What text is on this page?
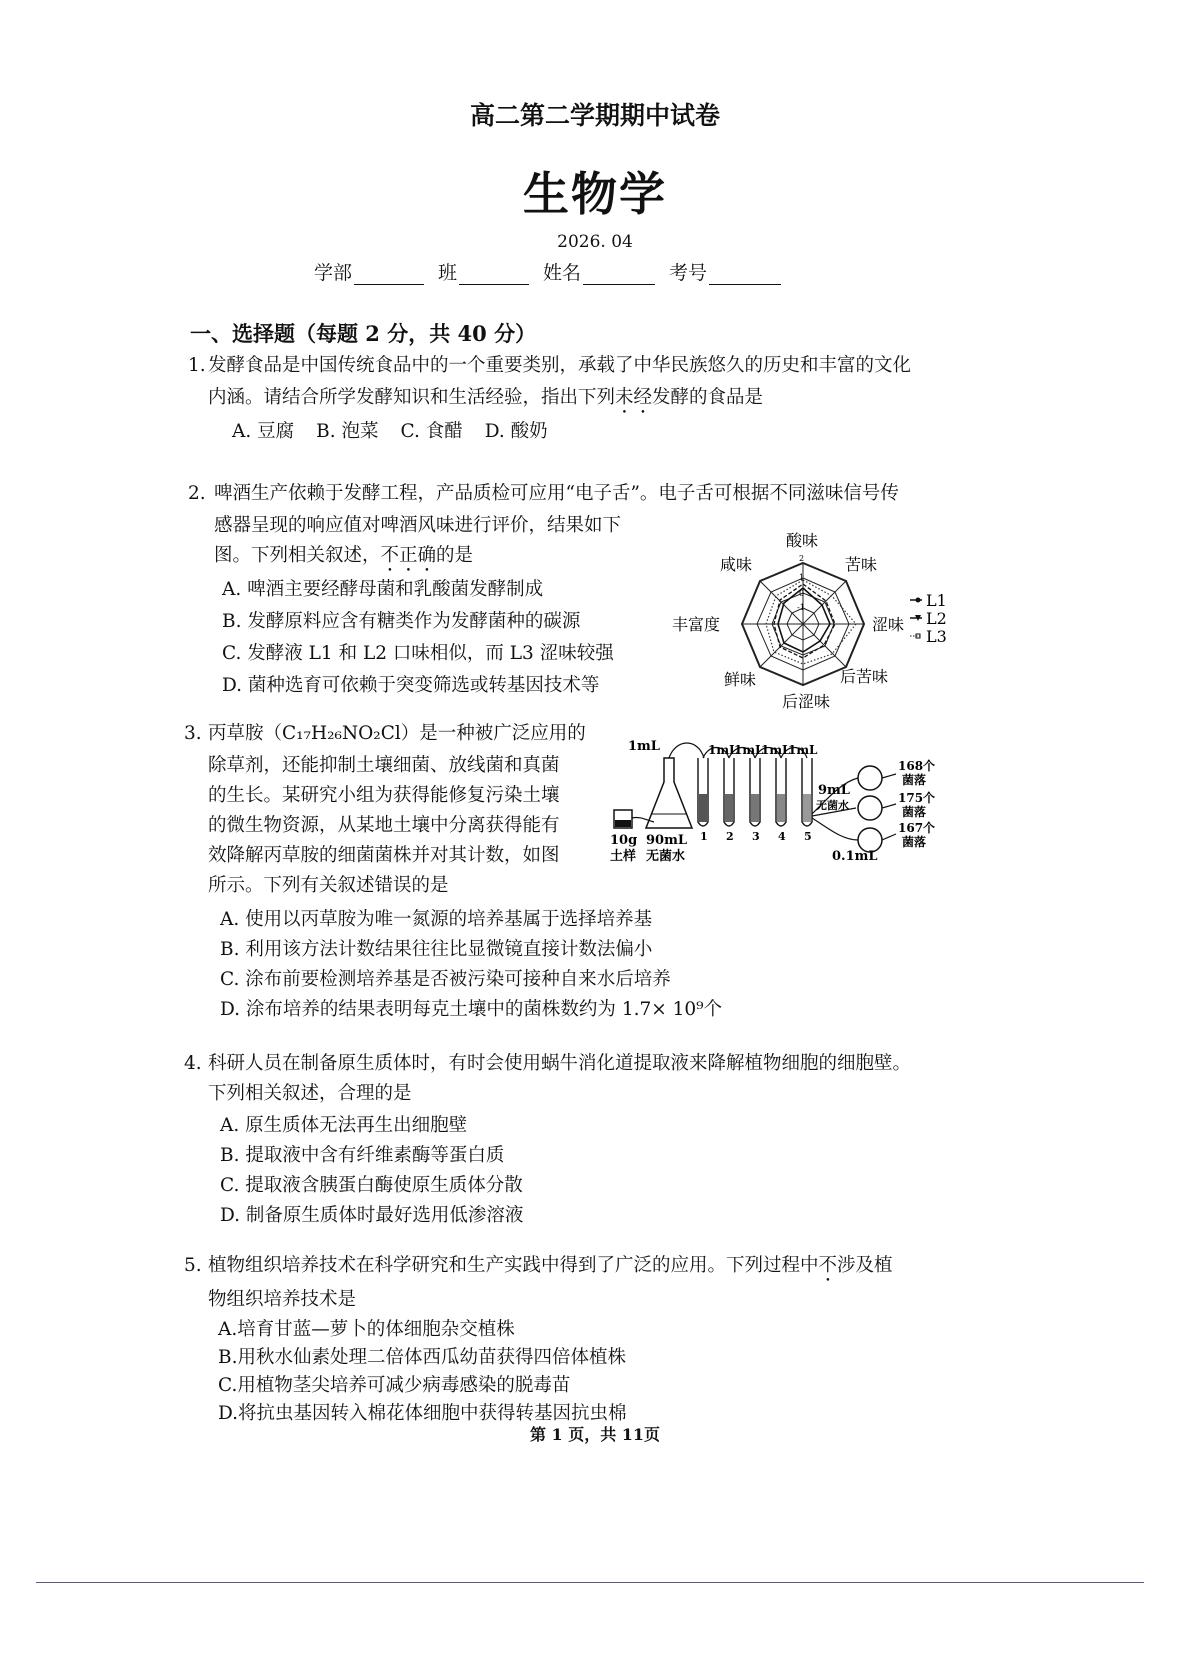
高二第二学期期中试卷
生物学
2026. 04
学部	班	姓名	考号
一、选择题（每题 2 分，共 40 分）
1. 发酵食品是中国传统食品中的一个重要类别，承载了中华民族悠久的历史和丰富的文化
内涵。请结合所学发酵知识和生活经验，指出下列未经发酵的食品是
A. 豆腐 B. 泡菜 C. 食醋 D. 酸奶
2. 啤酒生产依赖于发酵工程，产品质检可应用“电子舌”。电子舌可根据不同滋味信号传
感器呈现的响应值对啤酒风味进行评价，结果如下
图。下列相关叙述，不正确的是
A. 啤酒主要经酵母菌和乳酸菌发酵制成
B. 发酵原料应含有糖类作为发酵菌种的碳源
C. 发酵液 L1 和 L2 口味相似，而 L3 涩味较强
D. 菌种选育可依赖于突变筛选或转基因技术等
2
1
0
-1
酸味
苦味
涩味
后苦味
后涩味
鲜味
丰富度
咸味
L1
L2
L3
3. 丙草胺（C₁₇H₂₆NO₂Cl）是一种被广泛应用的
除草剂，还能抑制土壤细菌、放线菌和真菌
的生长。某研究小组为获得能修复污染土壤
的微生物资源，从某地土壤中分离获得能有
效降解丙草胺的细菌菌株并对其计数，如图
所示。下列有关叙述错误的是
A. 使用以丙草胺为唯一氮源的培养基属于选择培养基
B. 利用该方法计数结果往往比显微镜直接计数法偏小
C. 涂布前要检测培养基是否被污染可接种自来水后培养
D. 涂布培养的结果表明每克土壤中的菌株数约为 1.7× 10⁹个
1mL	1mL
1mL
1mL
1mL
10g
土样
90mL
无菌水
1 2 3 4 5
9mL
无菌水
0.1mL
168个
菌落
175个
菌落
167个
菌落
4. 科研人员在制备原生质体时，有时会使用蜗牛消化道提取液来降解植物细胞的细胞壁。
下列相关叙述，合理的是
A. 原生质体无法再生出细胞壁
B. 提取液中含有纤维素酶等蛋白质
C. 提取液含胰蛋白酶使原生质体分散
D. 制备原生质体时最好选用低渗溶液
5. 植物组织培养技术在科学研究和生产实践中得到了广泛的应用。下列过程中不涉及植
物组织培养技术是
A.培育甘蓝—萝卜的体细胞杂交植株
B.用秋水仙素处理二倍体西瓜幼苗获得四倍体植株
C.用植物茎尖培养可减少病毒感染的脱毒苗
D.将抗虫基因转入棉花体细胞中获得转基因抗虫棉
第 1 页，共 11页
